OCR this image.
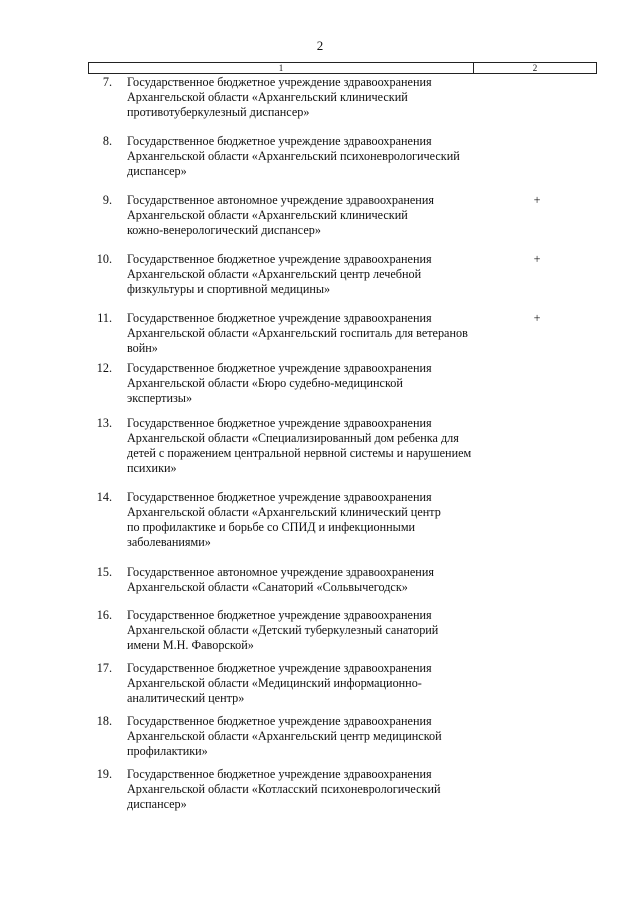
2
1	2
7. Государственное бюджетное учреждение здравоохранения
Архангельской области «Архангельский клинический
противотуберкулезный диспансер»
8. Государственное бюджетное учреждение здравоохранения
Архангельской области «Архангельский психоневрологический
диспансер»
9. Государственное автономное учреждение здравоохранения
Архангельской области «Архангельский клинический
кожно-венерологический диспансер»
+
10. Государственное бюджетное учреждение здравоохранения
Архангельской области «Архангельский центр лечебной
физкультуры и спортивной медицины»
+
11. Государственное бюджетное учреждение здравоохранения
Архангельской области «Архангельский госпиталь для ветеранов
войн»
+
12. Государственное бюджетное учреждение здравоохранения
Архангельской области «Бюро судебно-медицинской
экспертизы»
13. Государственное бюджетное учреждение здравоохранения
Архангельской области «Специализированный дом ребенка для
детей с поражением центральной нервной системы и нарушением
психики»
14. Государственное бюджетное учреждение здравоохранения
Архангельской области «Архангельский клинический центр
по профилактике и борьбе со СПИД и инфекционными
заболеваниями»
15. Государственное автономное учреждение здравоохранения
Архангельской области «Санаторий «Сольвычегодск»
16. Государственное бюджетное учреждение здравоохранения
Архангельской области «Детский туберкулезный санаторий
имени М.Н. Фаворской»
17. Государственное бюджетное учреждение здравоохранения
Архангельской области «Медицинский информационно-
аналитический центр»
18. Государственное бюджетное учреждение здравоохранения
Архангельской области «Архангельский центр медицинской
профилактики»
19. Государственное бюджетное учреждение здравоохранения
Архангельской области «Котласский психоневрологический
диспансер»
